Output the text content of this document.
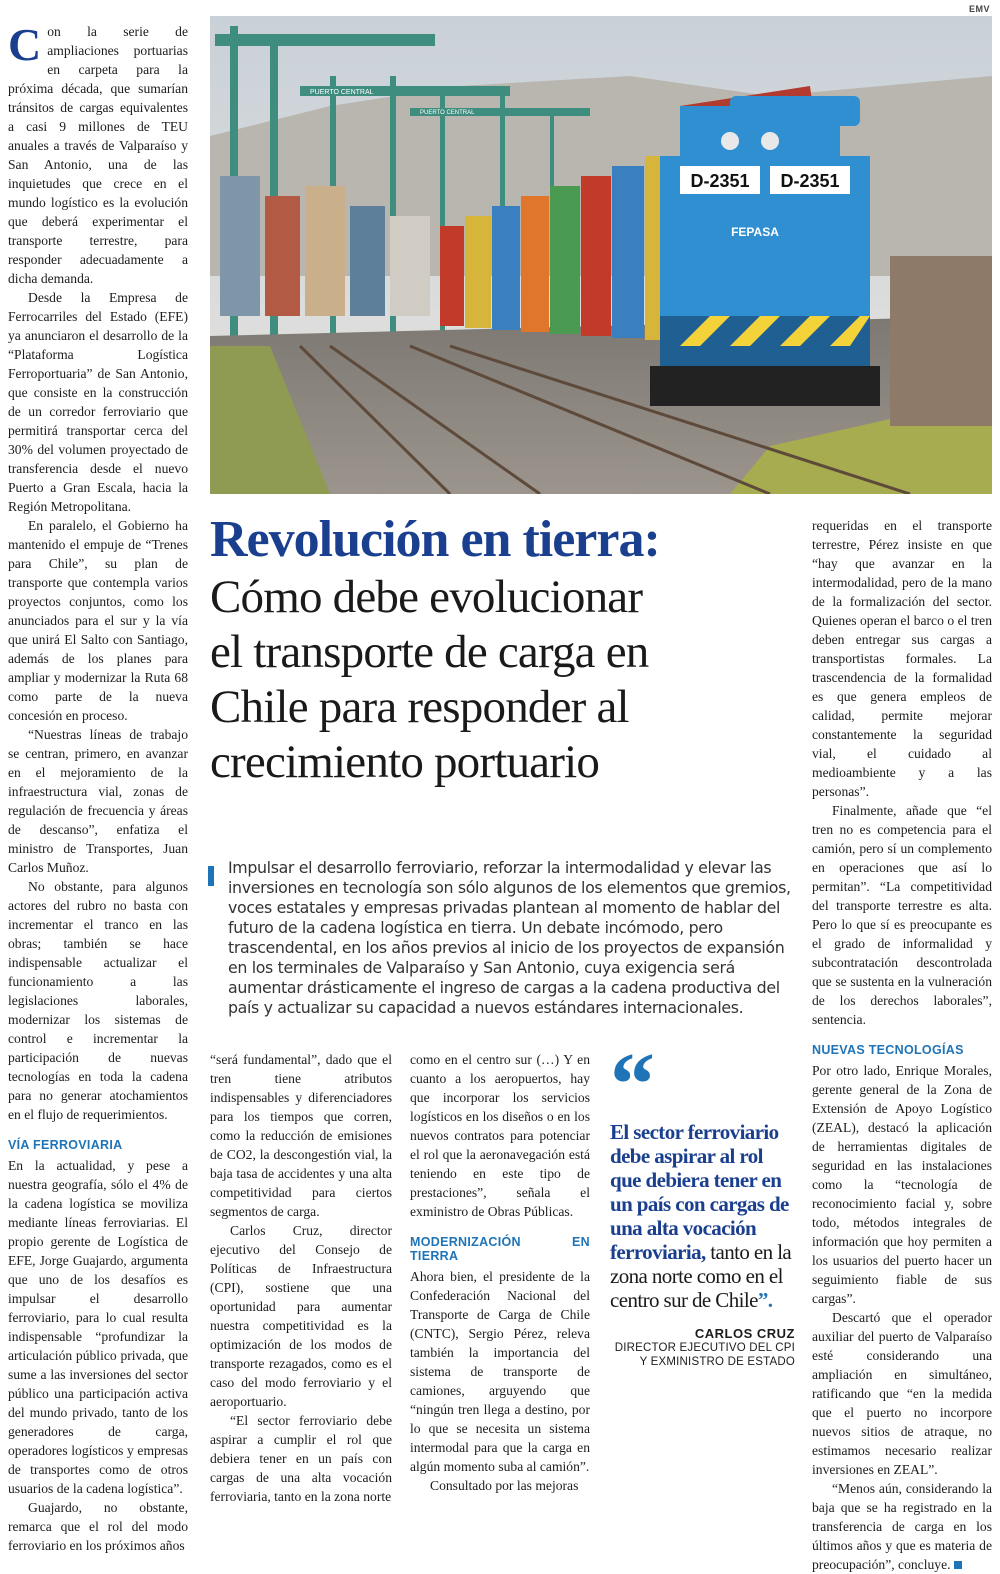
EMV
PUERTO CENTRAL
PUERTO CENTRAL
D-2351 D-2351
FEPASA

Con la serie de ampliaciones portuarias en carpeta para la próxima década, que sumarían tránsitos de cargas equivalentes a casi 9 millones de TEU anuales a través de Valparaíso y San Antonio, una de las inquietudes que crece en el mundo logístico es la evolución que deberá experimentar el transporte terrestre, para responder adecuadamente a dicha demanda.

Desde la Empresa de Ferrocarriles del Estado (EFE) ya anunciaron el desarrollo de la “Plataforma Logística Ferroportuaria” de San Antonio, que consiste en la construcción de un corredor ferroviario que permitirá transportar cerca del 30% del volumen proyectado de transferencia desde el nuevo Puerto a Gran Escala, hacia la Región Metropolitana.

En paralelo, el Gobierno ha mantenido el empuje de “Trenes para Chile”, su plan de transporte que contempla varios proyectos conjuntos, como los anunciados para el sur y la vía que unirá El Salto con Santiago, además de los planes para ampliar y modernizar la Ruta 68 como parte de la nueva concesión en proceso.

“Nuestras líneas de trabajo se centran, primero, en avanzar en el mejoramiento de la infraestructura vial, zonas de regulación de frecuencia y áreas de descanso”, enfatiza el ministro de Transportes, Juan Carlos Muñoz.

No obstante, para algunos actores del rubro no basta con incrementar el tranco en las obras; también se hace indispensable actualizar el funcionamiento a las legislaciones laborales, modernizar los sistemas de control e incrementar la participación de nuevas tecnologías en toda la cadena para no generar atochamientos en el flujo de requerimientos.

VÍA FERROVIARIA

En la actualidad, y pese a nuestra geografía, sólo el 4% de la cadena logística se moviliza mediante líneas ferroviarias. El propio gerente de Logística de EFE, Jorge Guajardo, argumenta que uno de los desafíos es impulsar el desarrollo ferroviario, para lo cual resulta indispensable “profundizar la articulación público privada, que sume a las inversiones del sector público una participación activa del mundo privado, tanto de los generadores de carga, operadores logísticos y empresas de transportes como de otros usuarios de la cadena logística”.

Guajardo, no obstante, remarca que el rol del modo ferroviario en los próximos años

Revolución en tierra:
Cómo debe evolucionar
el transporte de carga en
Chile para responder al
crecimiento portuario
Impulsar el desarrollo ferroviario, reforzar la intermodalidad y elevar las inversiones en tecnología son sólo algunos de los elementos que gremios, voces estatales y empresas privadas plantean al momento de hablar del futuro de la cadena logística en tierra. Un debate incómodo, pero trascendental, en los años previos al inicio de los proyectos de expansión en los terminales de Valparaíso y San Antonio, cuya exigencia será aumentar drásticamente el ingreso de cargas a la cadena productiva del país y actualizar su capacidad a nuevos estándares internacionales.

“será fundamental”, dado que el tren tiene atributos indispensables y diferenciadores para los tiempos que corren, como la reducción de emisiones de CO2, la descongestión vial, la baja tasa de accidentes y una alta competitividad para ciertos segmentos de carga.

Carlos Cruz, director ejecutivo del Consejo de Políticas de Infraestructura (CPI), sostiene que una oportunidad para aumentar nuestra competitividad es la optimización de los modos de transporte rezagados, como es el caso del modo ferroviario y el aeroportuario.

“El sector ferroviario debe aspirar a cumplir el rol que debiera tener en un país con cargas de una alta vocación ferroviaria, tanto en la zona norte

como en el centro sur (…) Y en cuanto a los aeropuertos, hay que incorporar los servicios logísticos en los diseños o en los nuevos contratos para potenciar el rol que la aeronavegación está teniendo en este tipo de prestaciones”, señala el exministro de Obras Públicas.

MODERNIZACIÓN EN TIERRA

Ahora bien, el presidente de la Confederación Nacional del Transporte de Carga de Chile (CNTC), Sergio Pérez, releva también la importancia del sistema de transporte de camiones, arguyendo que “ningún tren llega a destino, por lo que se necesita un sistema intermodal para que la carga en algún momento suba al camión”.

Consultado por las mejoras

“
El sector ferroviario debe aspirar al rol que debiera tener en un país con cargas de una alta vocación ferroviaria, tanto en la zona norte como en el centro sur de Chile”.
CARLOS CRUZ
DIRECTOR EJECUTIVO DEL CPI
Y EXMINISTRO DE ESTADO

requeridas en el transporte terrestre, Pérez insiste en que “hay que avanzar en la intermodalidad, pero de la mano de la formalización del sector. Quienes operan el barco o el tren deben entregar sus cargas a transportistas formales. La trascendencia de la formalidad es que genera empleos de calidad, permite mejorar constantemente la seguridad vial, el cuidado al medioambiente y a las personas”.

Finalmente, añade que “el tren no es competencia para el camión, pero sí un complemento en operaciones que así lo permitan”. “La competitividad del transporte terrestre es alta. Pero lo que sí es preocupante es el grado de informalidad y subcontratación descontrolada que se sustenta en la vulneración de los derechos laborales”, sentencia.

NUEVAS TECNOLOGÍAS

Por otro lado, Enrique Morales, gerente general de la Zona de Extensión de Apoyo Logístico (ZEAL), destacó la aplicación de herramientas digitales de seguridad en las instalaciones como la “tecnología de reconocimiento facial y, sobre todo, métodos integrales de información que hoy permiten a los usuarios del puerto hacer un seguimiento fiable de sus cargas”.

Descartó que el operador auxiliar del puerto de Valparaíso esté considerando una ampliación en simultáneo, ratificando que “en la medida que el puerto no incorpore nuevos sitios de atraque, no estimamos necesario realizar inversiones en ZEAL”.

“Menos aún, considerando la baja que se ha registrado en la transferencia de carga en los últimos años y que es materia de preocupación”, concluye.
